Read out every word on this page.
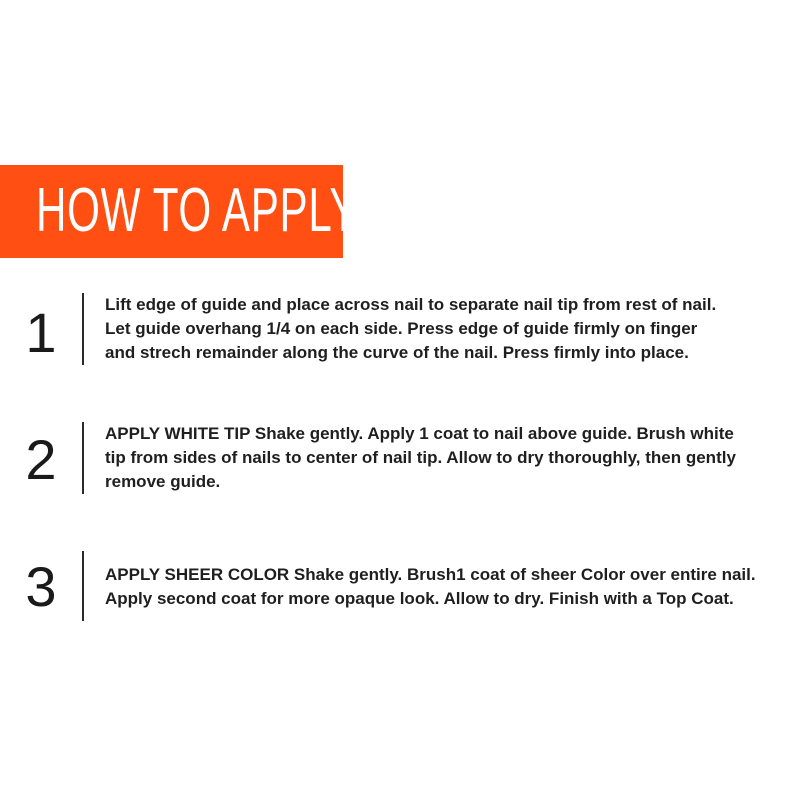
HOW TO APPLY?
1	Lift edge of guide and place across nail to separate nail tip from rest of nail.
Let guide overhang 1/4 on each side. Press edge of guide firmly on finger
and strech remainder along the curve of the nail. Press firmly into place.
2	APPLY WHITE TIP Shake gently. Apply 1 coat to nail above guide. Brush white
tip from sides of nails to center of nail tip. Allow to dry thoroughly, then gently
remove guide.
3	APPLY SHEER COLOR Shake gently. Brush1 coat of sheer Color over entire nail.
Apply second coat for more opaque look. Allow to dry. Finish with a Top Coat.
